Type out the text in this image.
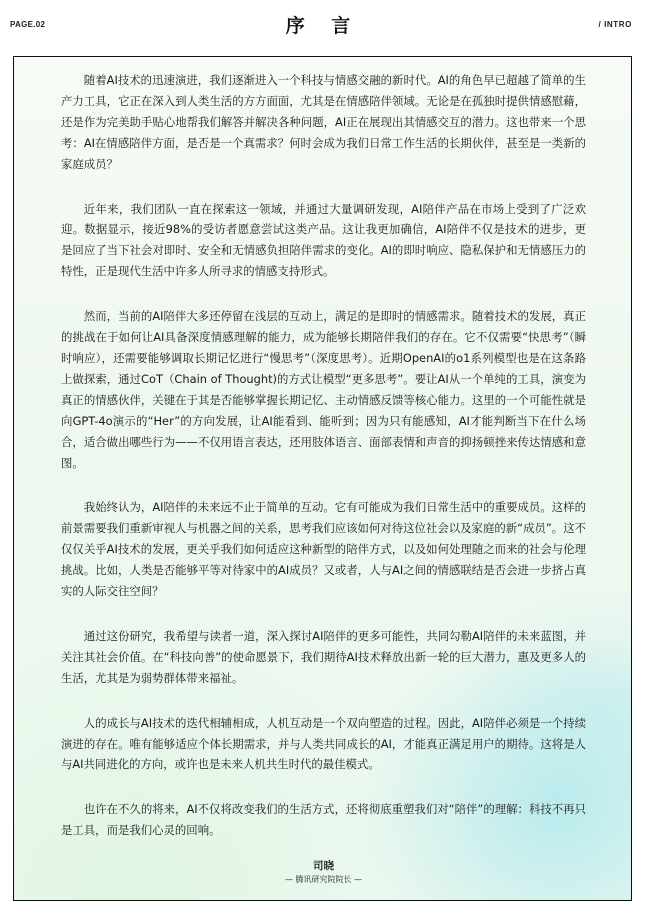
PAGE.02	序 言	/ INTRO

随着AI技术的迅速演进，我们逐渐进入一个科技与情感交融的新时代。AI的角色早已超越了简单的生产力工具，它正在深入到人类生活的方方面面，尤其是在情感陪伴领域。无论是在孤独时提供情感慰藉，还是作为完美助手贴心地帮我们解答并解决各种问题，AI正在展现出其情感交互的潜力。这也带来一个思考：AI在情感陪伴方面，是否是一个真需求？何时会成为我们日常工作生活的长期伙伴，甚至是一类新的家庭成员？

近年来，我们团队一直在探索这一领域，并通过大量调研发现，AI陪伴产品在市场上受到了广泛欢迎。数据显示，接近98%的受访者愿意尝试这类产品。这让我更加确信，AI陪伴不仅是技术的进步，更是回应了当下社会对即时、安全和无情感负担陪伴需求的变化。AI的即时响应、隐私保护和无情感压力的特性，正是现代生活中许多人所寻求的情感支持形式。

然而，当前的AI陪伴大多还停留在浅层的互动上，满足的是即时的情感需求。随着技术的发展，真正的挑战在于如何让AI具备深度情感理解的能力，成为能够长期陪伴我们的存在。它不仅需要“快思考”（瞬时响应），还需要能够调取长期记忆进行“慢思考”（深度思考）。近期OpenAI的o1系列模型也是在这条路上做探索，通过CoT（Chain of Thought)的方式让模型“更多思考”。要让AI从一个单纯的工具，演变为真正的情感伙伴，关键在于其是否能够掌握长期记忆、主动情感反馈等核心能力。这里的一个可能性就是向GPT-4o演示的“Her”的方向发展，让AI能看到、能听到；因为只有能感知，AI才能判断当下在什么场合，适合做出哪些行为——不仅用语言表达，还用肢体语言、面部表情和声音的抑扬顿挫来传达情感和意图。

我始终认为，AI陪伴的未来远不止于简单的互动。它有可能成为我们日常生活中的重要成员。这样的前景需要我们重新审视人与机器之间的关系，思考我们应该如何对待这位社会以及家庭的新“成员”。这不仅仅关乎AI技术的发展，更关乎我们如何适应这种新型的陪伴方式，以及如何处理随之而来的社会与伦理挑战。比如，人类是否能够平等对待家中的AI成员？又或者，人与AI之间的情感联结是否会进一步挤占真实的人际交往空间？

通过这份研究，我希望与读者一道，深入探讨AI陪伴的更多可能性，共同勾勒AI陪伴的未来蓝图，并关注其社会价值。在“科技向善”的使命愿景下，我们期待AI技术释放出新一轮的巨大潜力，惠及更多人的生活，尤其是为弱势群体带来福祉。

人的成长与AI技术的迭代相辅相成，人机互动是一个双向塑造的过程。因此，AI陪伴必须是一个持续演进的存在。唯有能够适应个体长期需求，并与人类共同成长的AI，才能真正满足用户的期待。这将是人与AI共同进化的方向，或许也是未来人机共生时代的最佳模式。

也许在不久的将来，AI不仅将改变我们的生活方式，还将彻底重塑我们对“陪伴”的理解：科技不再只是工具，而是我们心灵的回响。

司晓
— 腾讯研究院院长 —
